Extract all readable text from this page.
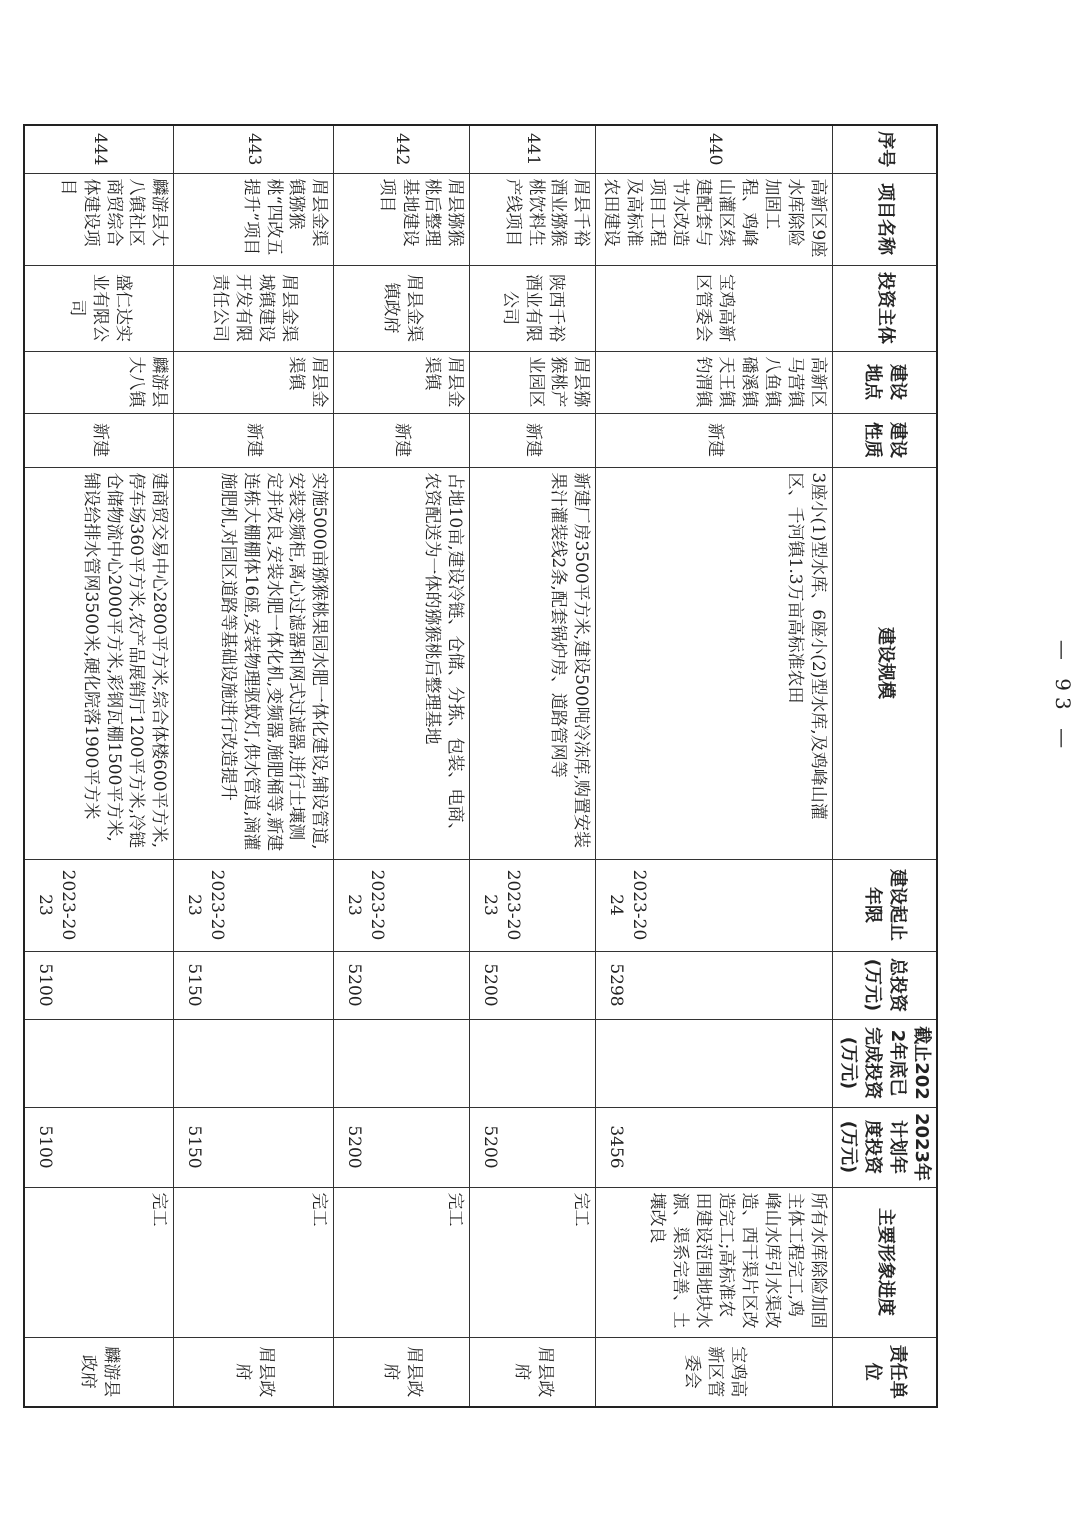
序号	项目名称	投资主体	建设地点	建设性质	建设规模	建设起止年限	总投资(万元)	截止2022年底已完成投资(万元)	2023年计划年度投资(万元)	主要形象进度	责任单位
440	高新区9座水库除险加固工程、鸡峰山灌区续建配套与节水改造项目工程及高标准农田建设	宝鸡高新区管委会	高新区马营镇八鱼镇磻溪镇天王镇钓渭镇	新建	3座小(1)型水库、6座小(2)型水库,及鸡峰山灌区、千河镇1.3万亩高标准农田	2023-2024	5298		3456	所有水库除险加固主体工程完工,鸡峰山水库引水渠改造、西干渠片区改造完工;高标准农田建设范围地块水源、渠系完善、土壤改良	宝鸡高新区管委会
441	眉县千裕酒业猕猴桃饮料生产线项目	陕西千裕酒业有限公司	眉县猕猴桃产业园区	新建	新建厂房3500平方米,建设500吨冷冻库,购置安装果汁灌装线2条,配套锅炉房、道路管网等	2023-2023	5200		5200	完工	眉县政府
442	眉县猕猴桃后整理基地建设项目	眉县金渠镇政府	眉县金渠镇	新建	占地10亩,建设冷链、仓储、分拣、包装、电商、农资配送为一体的猕猴桃后整理基地	2023-2023	5200		5200	完工	眉县政府
443	眉县金渠镇猕猴桃“四改五提升”项目	眉县金渠城镇建设开发有限责任公司	眉县金渠镇	新建	实施5000亩猕猴桃果园水肥一体化建设,铺设管道,安装变频柜,离心过滤器和网式过滤器,进行土壤测定并改良,安装水肥一体化机,变频器,施肥桶等,新建连栋大棚棚体16座,安装物理驱蚊灯,供水管道,滴灌施肥机,对园区道路等基础设施进行改造提升	2023-2023	5150		5150	完工	眉县政府
444	麟游县大八镇社区商贸综合体建设项目	盛仁达实业有限公司	麟游县大八镇	新建	建商贸交易中心2800平方米,综合体楼600平方米,停车场360平方米,农产品展销厅1200平方米,冷链仓储物流中心2000平方米,彩钢瓦棚1500平方米,铺设给排水管网3500米,硬化院落1900平方米	2023-2023	5100		5100	完工	麟游县政府
— 93 —
